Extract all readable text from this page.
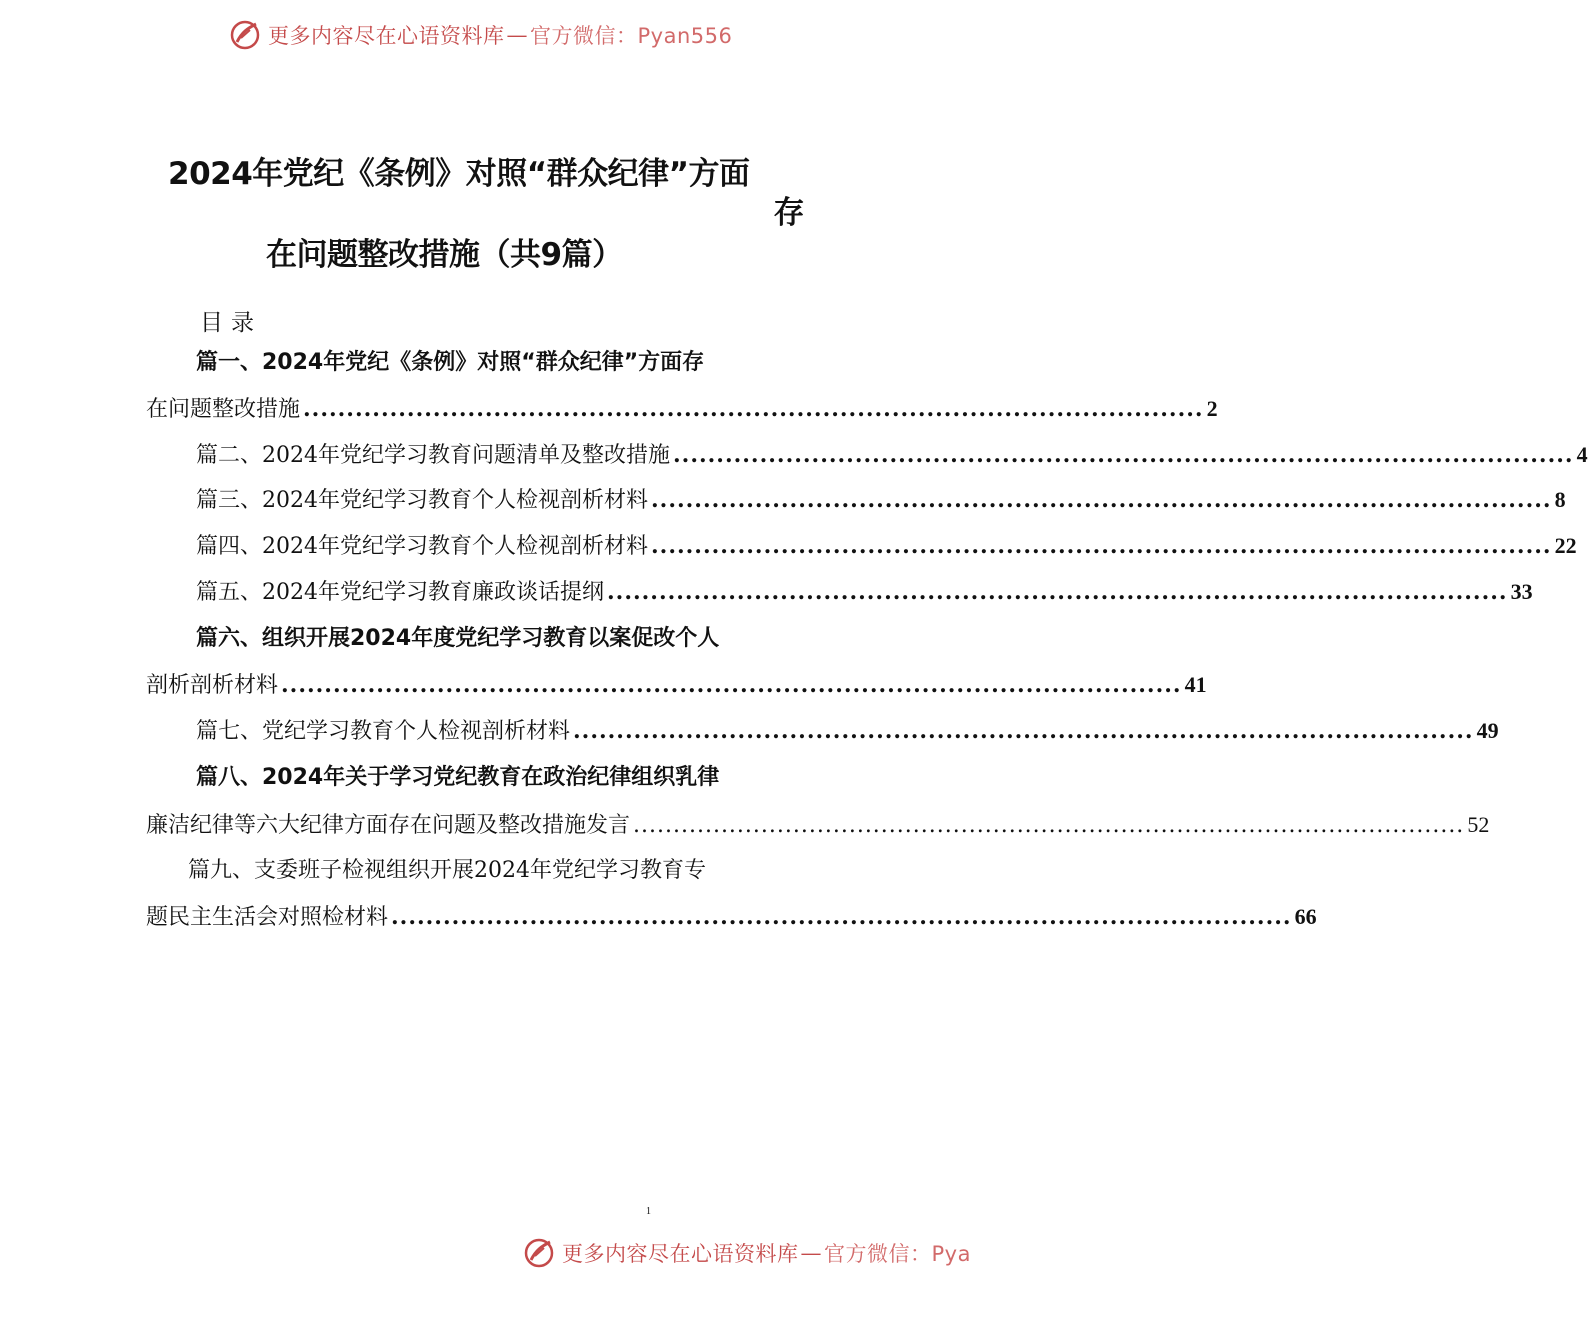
更多内容尽在心语资料库 — 官方微信：Pyan556
2024年党纪《条例》对照“群众纪律”方面
存
在问题整改措施（共9篇）
目录
篇一、2024年党纪《条例》对照“群众纪律”方面存
在问题整改措施 ........................................................................................................ 2
篇二、2024年党纪学习教育问题清单及整改措施 ........................................................................................................ 4
篇三、2024年党纪学习教育个人检视剖析材料 ........................................................................................................ 8
篇四、2024年党纪学习教育个人检视剖析材料 ........................................................................................................ 22
篇五、2024年党纪学习教育廉政谈话提纲 ........................................................................................................ 33
篇六、组织开展2024年度党纪学习教育以案促改个人
剖析剖析材料 ........................................................................................................ 41
篇七、党纪学习教育个人检视剖析材料 ........................................................................................................ 49
篇八、2024年关于学习党纪教育在政治纪律组织乳律
廉洁纪律等六大纪律方面存在问题及整改措施发言 ........................................................................................................ 52
篇九、支委班子检视组织开展2024年党纪学习教育专
题民主生活会对照检材料 ........................................................................................................ 66
1
更多内容尽在心语资料库 — 官方微信：Pya
